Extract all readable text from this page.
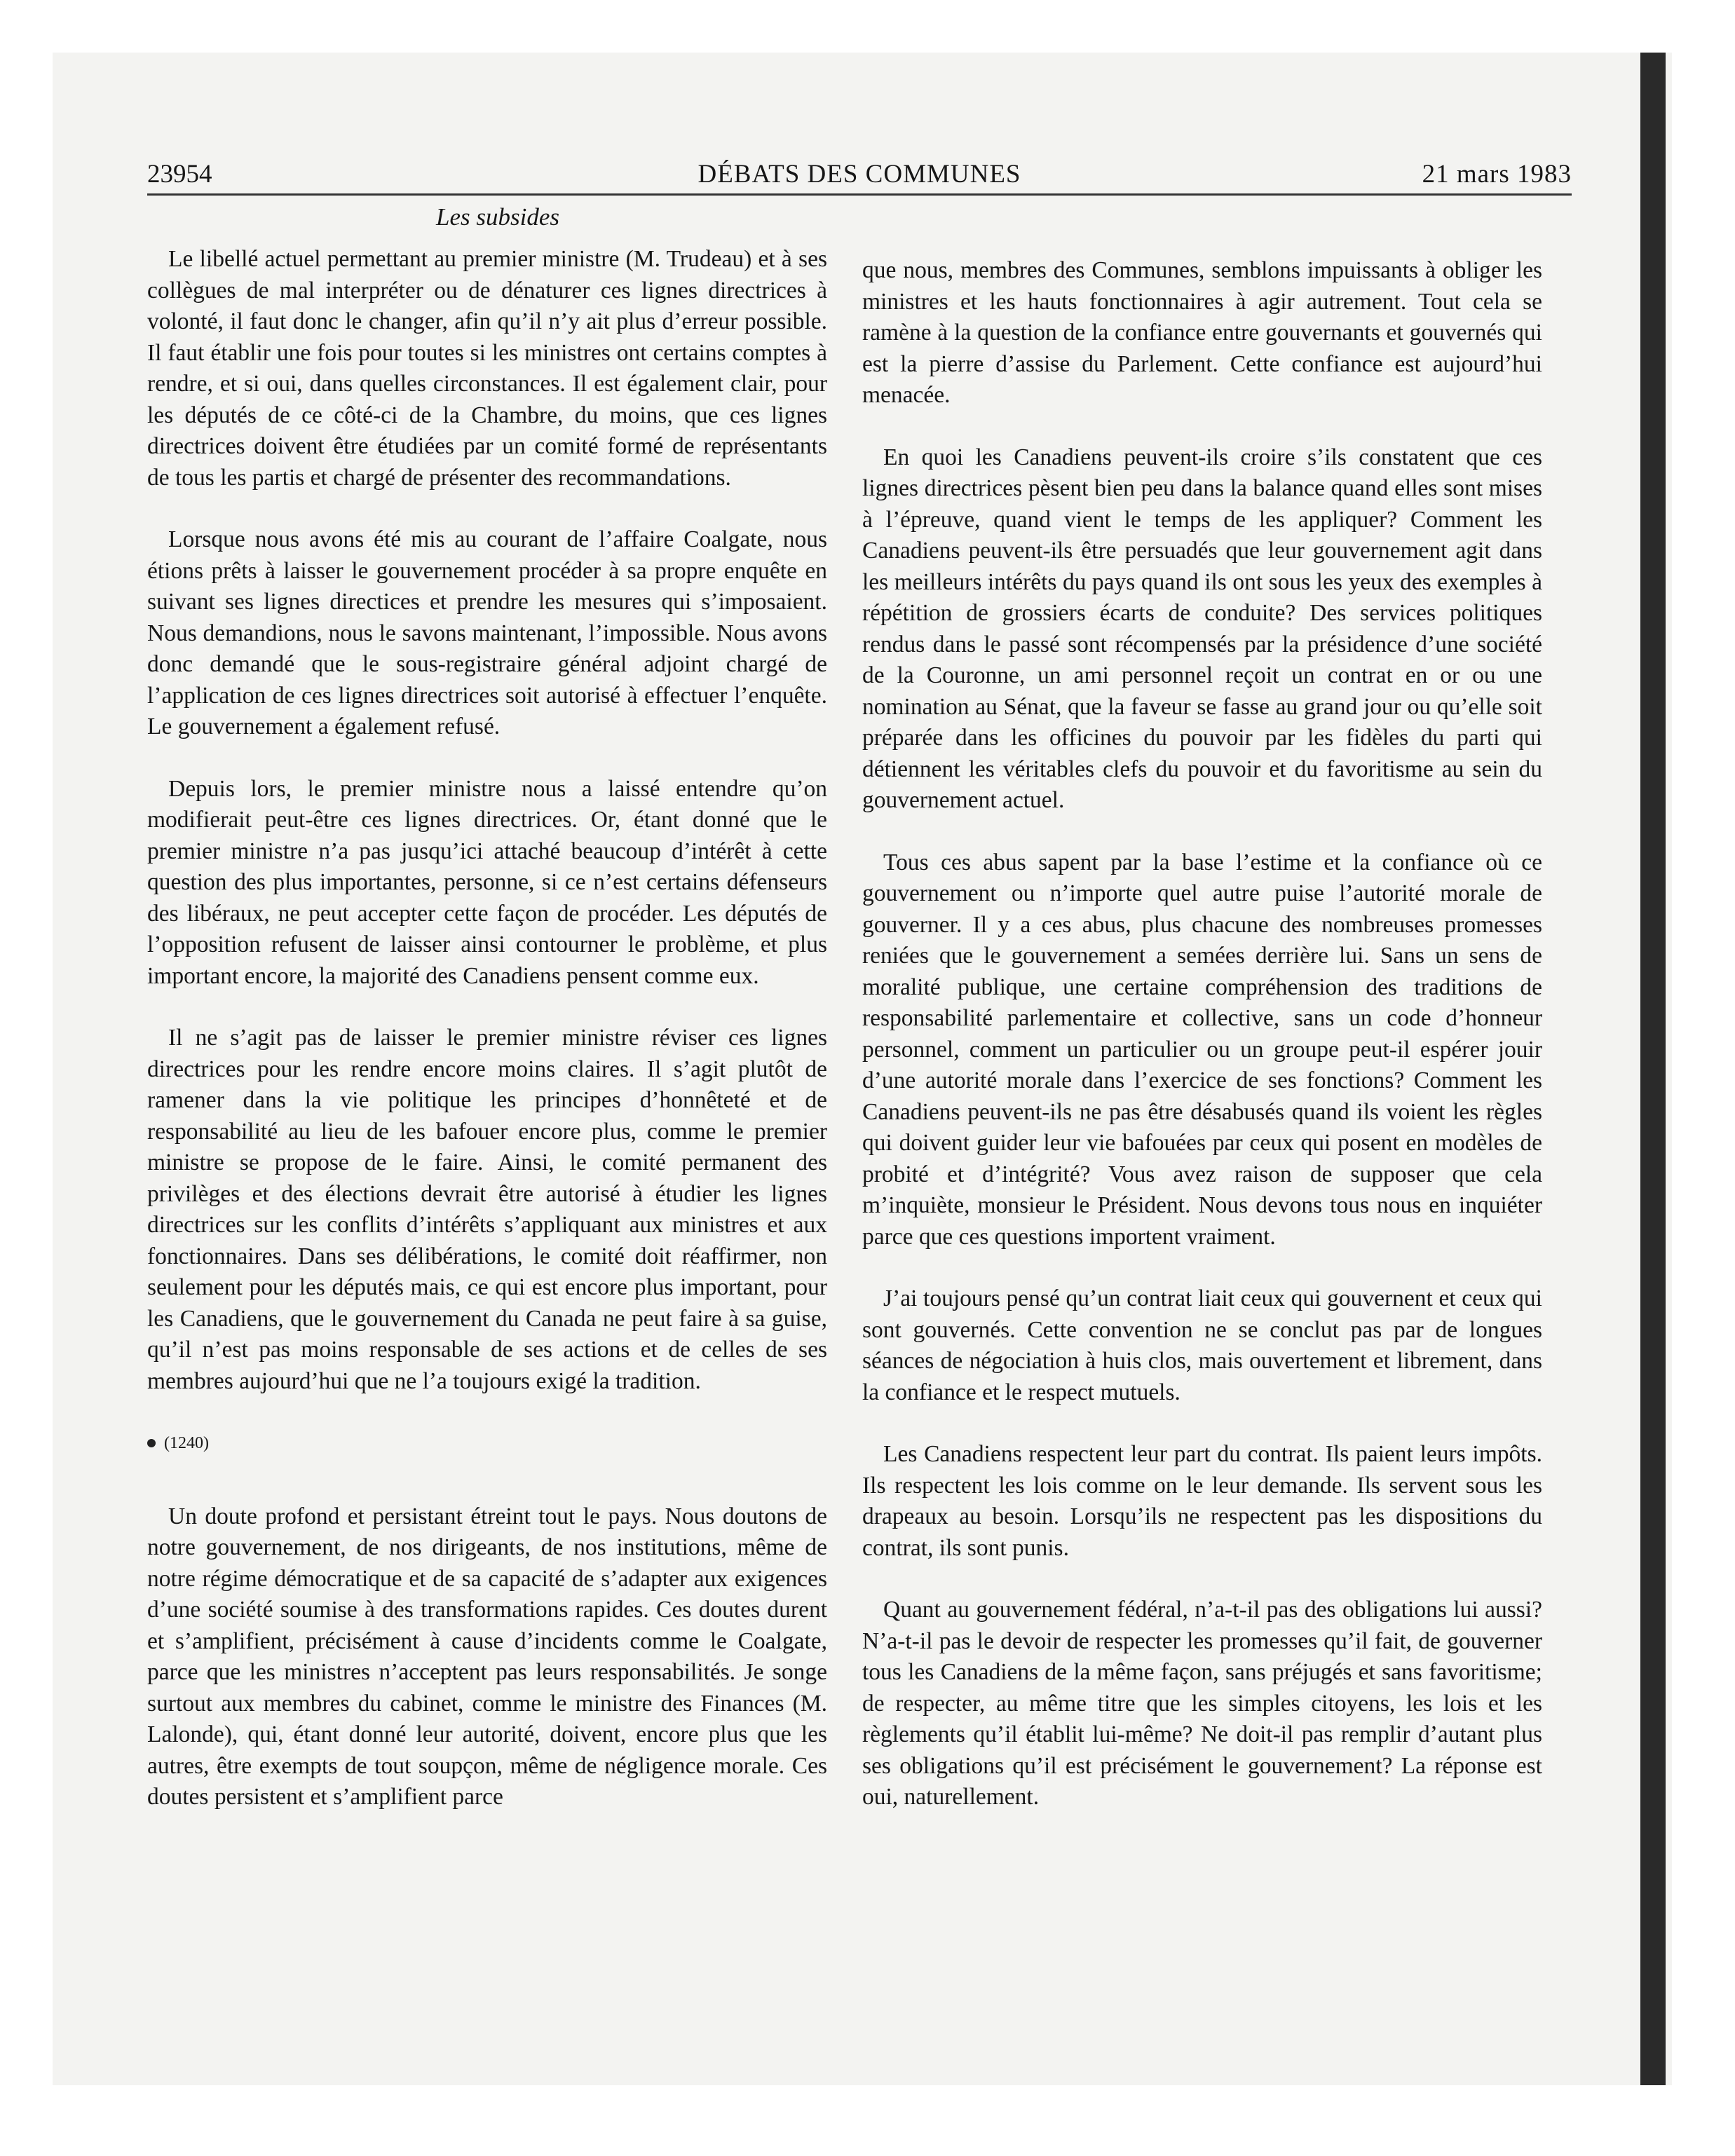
23954	DÉBATS DES COMMUNES	21 mars 1983
Les subsides

Le libellé actuel permettant au premier ministre (M. Trudeau) et à ses collègues de mal interpréter ou de dénaturer ces lignes directrices à volonté, il faut donc le changer, afin qu’il n’y ait plus d’erreur possible. Il faut établir une fois pour toutes si les ministres ont certains comptes à rendre, et si oui, dans quelles circonstances. Il est également clair, pour les députés de ce côté-ci de la Chambre, du moins, que ces lignes directrices doivent être étudiées par un comité formé de représentants de tous les partis et chargé de présenter des recommandations.

Lorsque nous avons été mis au courant de l’affaire Coalgate, nous étions prêts à laisser le gouvernement procéder à sa propre enquête en suivant ses lignes directices et prendre les mesures qui s’imposaient. Nous demandions, nous le savons maintenant, l’impossible. Nous avons donc demandé que le sous-registraire général adjoint chargé de l’application de ces lignes directrices soit autorisé à effectuer l’enquête. Le gouvernement a également refusé.

Depuis lors, le premier ministre nous a laissé entendre qu’on modifierait peut-être ces lignes directrices. Or, étant donné que le premier ministre n’a pas jusqu’ici attaché beaucoup d’intérêt à cette question des plus importantes, personne, si ce n’est certains défenseurs des libéraux, ne peut accepter cette façon de procéder. Les députés de l’opposition refusent de laisser ainsi contourner le problème, et plus important encore, la majorité des Canadiens pensent comme eux.

Il ne s’agit pas de laisser le premier ministre réviser ces lignes directrices pour les rendre encore moins claires. Il s’agit plutôt de ramener dans la vie politique les principes d’honnêteté et de responsabilité au lieu de les bafouer encore plus, comme le premier ministre se propose de le faire. Ainsi, le comité permanent des privilèges et des élections devrait être autorisé à étudier les lignes directrices sur les conflits d’intérêts s’appliquant aux ministres et aux fonctionnaires. Dans ses délibérations, le comité doit réaffirmer, non seulement pour les députés mais, ce qui est encore plus important, pour les Canadiens, que le gouvernement du Canada ne peut faire à sa guise, qu’il n’est pas moins responsable de ses actions et de celles de ses membres aujourd’hui que ne l’a toujours exigé la tradition.

(1240)

Un doute profond et persistant étreint tout le pays. Nous doutons de notre gouvernement, de nos dirigeants, de nos institutions, même de notre régime démocratique et de sa capacité de s’adapter aux exigences d’une société soumise à des transformations rapides. Ces doutes durent et s’amplifient, précisément à cause d’incidents comme le Coalgate, parce que les ministres n’acceptent pas leurs responsabilités. Je songe surtout aux membres du cabinet, comme le ministre des Finances (M. Lalonde), qui, étant donné leur autorité, doivent, encore plus que les autres, être exempts de tout soupçon, même de négligence morale. Ces doutes persistent et s’amplifient parce

que nous, membres des Communes, semblons impuissants à obliger les ministres et les hauts fonctionnaires à agir autrement. Tout cela se ramène à la question de la confiance entre gouvernants et gouvernés qui est la pierre d’assise du Parlement. Cette confiance est aujourd’hui menacée.

En quoi les Canadiens peuvent-ils croire s’ils constatent que ces lignes directrices pèsent bien peu dans la balance quand elles sont mises à l’épreuve, quand vient le temps de les appliquer? Comment les Canadiens peuvent-ils être persuadés que leur gouvernement agit dans les meilleurs intérêts du pays quand ils ont sous les yeux des exemples à répétition de grossiers écarts de conduite? Des services politiques rendus dans le passé sont récompensés par la présidence d’une société de la Couronne, un ami personnel reçoit un contrat en or ou une nomination au Sénat, que la faveur se fasse au grand jour ou qu’elle soit préparée dans les officines du pouvoir par les fidèles du parti qui détiennent les véritables clefs du pouvoir et du favoritisme au sein du gouvernement actuel.

Tous ces abus sapent par la base l’estime et la confiance où ce gouvernement ou n’importe quel autre puise l’autorité morale de gouverner. Il y a ces abus, plus chacune des nombreuses promesses reniées que le gouvernement a semées derrière lui. Sans un sens de moralité publique, une certaine compréhension des traditions de responsabilité parlementaire et collective, sans un code d’honneur personnel, comment un particulier ou un groupe peut-il espérer jouir d’une autorité morale dans l’exercice de ses fonctions? Comment les Canadiens peuvent-ils ne pas être désabusés quand ils voient les règles qui doivent guider leur vie bafouées par ceux qui posent en modèles de probité et d’intégrité? Vous avez raison de supposer que cela m’inquiète, monsieur le Président. Nous devons tous nous en inquiéter parce que ces questions importent vraiment.

J’ai toujours pensé qu’un contrat liait ceux qui gouvernent et ceux qui sont gouvernés. Cette convention ne se conclut pas par de longues séances de négociation à huis clos, mais ouvertement et librement, dans la confiance et le respect mutuels.

Les Canadiens respectent leur part du contrat. Ils paient leurs impôts. Ils respectent les lois comme on le leur demande. Ils servent sous les drapeaux au besoin. Lorsqu’ils ne respectent pas les dispositions du contrat, ils sont punis.

Quant au gouvernement fédéral, n’a-t-il pas des obligations lui aussi? N’a-t-il pas le devoir de respecter les promesses qu’il fait, de gouverner tous les Canadiens de la même façon, sans préjugés et sans favoritisme; de respecter, au même titre que les simples citoyens, les lois et les règlements qu’il établit lui-même? Ne doit-il pas remplir d’autant plus ses obligations qu’il est précisément le gouvernement? La réponse est oui, naturellement.
